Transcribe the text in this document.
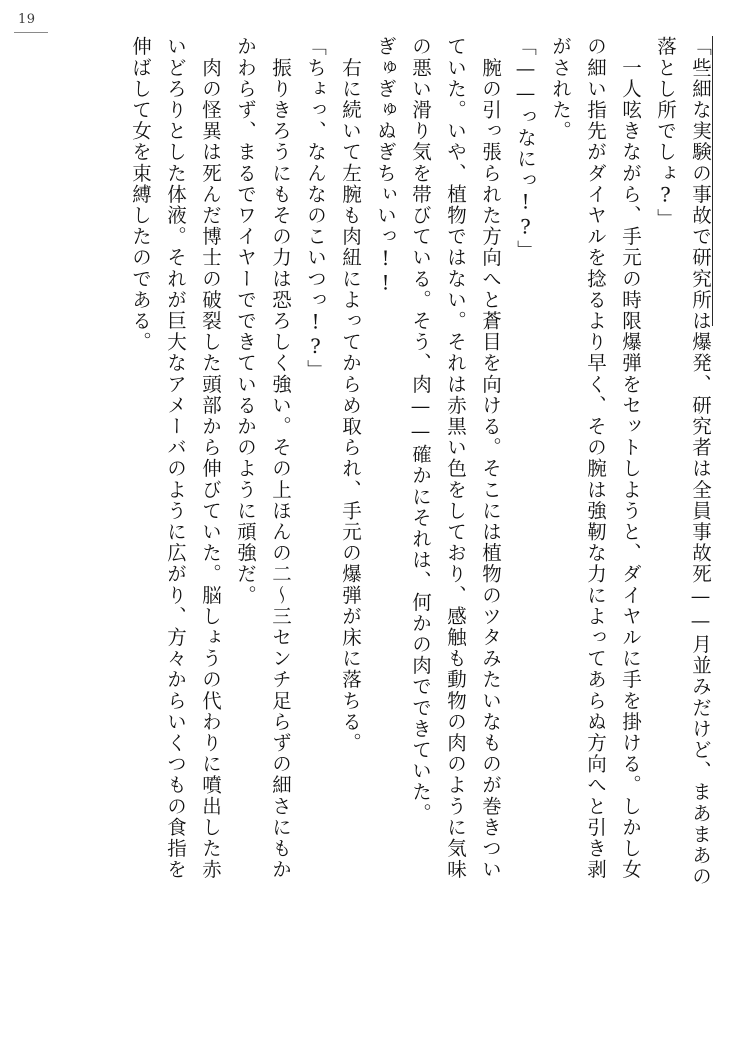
19
「些細な実験の事故で研究所は爆発、研究者は全員事故死——月並みだけど、まあまあの
落とし所でしょ?」
　一人呟きながら、手元の時限爆弾をセットしようと、ダイヤルに手を掛ける。しかし女
の細い指先がダイヤルを捻るより早く、その腕は強靭な力によってあらぬ方向へと引き剥
がされた。
「——っなにっ!?」
　腕の引っ張られた方向へと蒼目を向ける。そこには植物のツタみたいなものが巻きつい
ていた。いや、植物ではない。それは赤黒い色をしており、感触も動物の肉のように気味
の悪い滑り気を帯びている。そう、肉——確かにそれは、何かの肉でできていた。
ぎゅぎゅぬぎちぃいっ!!
　右に続いて左腕も肉紐によってからめ取られ、手元の爆弾が床に落ちる。
「ちょっ、なんなのこいつっ!?」
　振りきろうにもその力は恐ろしく強い。その上ほんの二〜三センチ足らずの細さにもか
かわらず、まるでワイヤーでできているかのように頑強だ。
　肉の怪異は死んだ博士の破裂した頭部から伸びていた。脳しょうの代わりに噴出した赤
いどろりとした体液。それが巨大なアメーバのように広がり、方々からいくつもの食指を
伸ばして女を束縛したのである。
